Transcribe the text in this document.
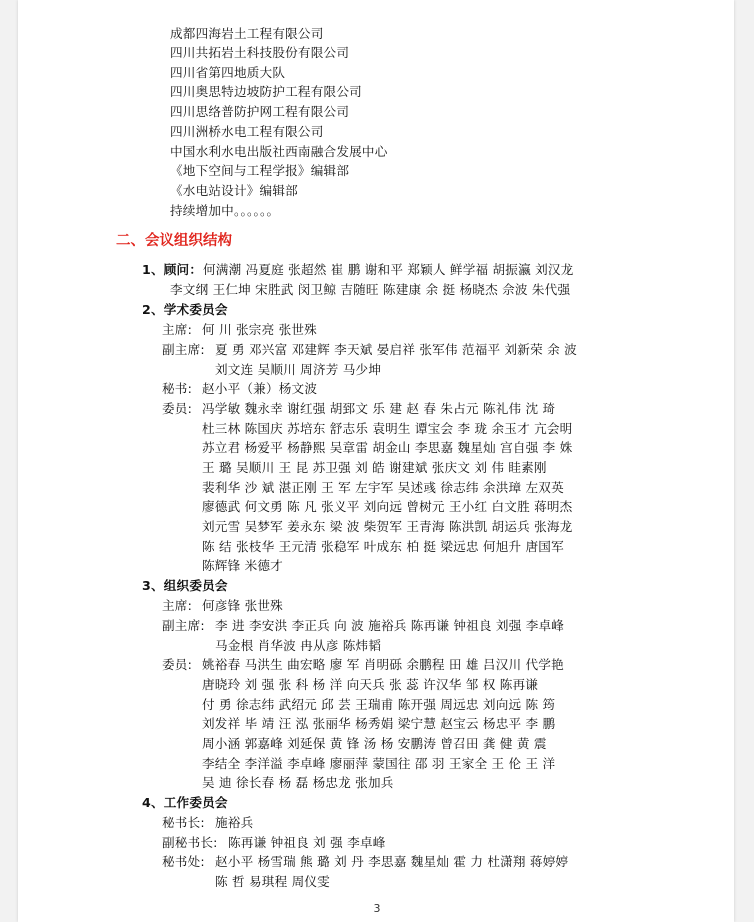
成都四海岩土工程有限公司
四川共拓岩土科技股份有限公司
四川省第四地质大队
四川奥思特边坡防护工程有限公司
四川思络普防护网工程有限公司
四川洲桥水电工程有限公司
中国水利水电出版社西南融合发展中心
《地下空间与工程学报》编辑部
《水电站设计》编辑部
持续增加中。。。。。。
二、会议组织结构
1、顾问： 何满潮 冯夏庭 张超然 崔 鹏 谢和平 郑颖人 鲜学福 胡振瀛 刘汉龙
李文纲 王仁坤 宋胜武 闵卫鲸 吉随旺 陈建康 余 挺 杨晓杰 佘波 朱代强
2、学术委员会
主席: 何 川 张宗亮 张世殊
副主席: 夏 勇 邓兴富 邓建辉 李天斌 晏启祥 张军伟 范福平 刘新荣 余 波
刘文连 吴顺川 周济芳 马少坤
秘书: 赵小平（兼）杨文波
委员: 冯学敏 魏永幸 谢红强 胡郅文 乐 建 赵 春 朱占元 陈礼伟 沈 琦
杜三林 陈国庆 苏培东 舒志乐 袁明生 谭宝会 李 珑 余玉才 亢会明
苏立君 杨爱平 杨静熙 吴章雷 胡金山 李思嘉 魏星灿 宫自强 李 姝
王 璐 吴顺川 王 昆 苏卫强 刘 皓 谢建斌 张庆文 刘 伟 眭素刚
裴利华 沙 斌 湛正刚 王 军 左宇军 吴述彧 徐志纬 余洪璋 左双英
廖德武 何文勇 陈 凡 张义平 刘向远 曾树元 王小红 白文胜 蒋明杰
刘元雪 吴梦军 姜永东 梁 波 柴贺军 王青海 陈洪凯 胡运兵 张海龙
陈 结 张枝华 王元清 张稳军 叶成东 柏 挺 梁远忠 何旭升 唐国军
陈辉锋 米德才
3、组织委员会
主席: 何彦锋 张世殊
副主席: 李 进 李安洪 李正兵 向 波 施裕兵 陈再谦 钟祖良 刘强 李卓峰
马金根 肖华波 冉从彦 陈炜韬
委员: 姚裕春 马洪生 曲宏略 廖 军 肖明砾 余鹏程 田 雄 吕汉川 代学艳
唐晓玲 刘 强 张 科 杨 洋 向天兵 张 蕊 许汉华 邹 权 陈再谦
付 勇 徐志纬 武绍元 邱 芸 王瑞甫 陈开强 周远忠 刘向远 陈 筠
刘发祥 毕 靖 汪 泓 张丽华 杨秀娟 梁宁慧 赵宝云 杨忠平 李 鹏
周小涵 郭嘉峰 刘延保 黄 锋 汤 杨 安鹏涛 曾召田 龚 健 黄 震
李结全 李洋溢 李卓峰 廖丽萍 蒙国往 邵 羽 王家全 王 伦 王 洋
吴 迪 徐长春 杨 磊 杨忠龙 张加兵
4、工作委员会
秘书长: 施裕兵
副秘书长: 陈再谦 钟祖良 刘 强 李卓峰
秘书处: 赵小平 杨雪瑞 熊 璐 刘 丹 李思嘉 魏星灿 霍 力 杜潇翔 蒋婷婷
陈 哲 易琪程 周仪雯
3
